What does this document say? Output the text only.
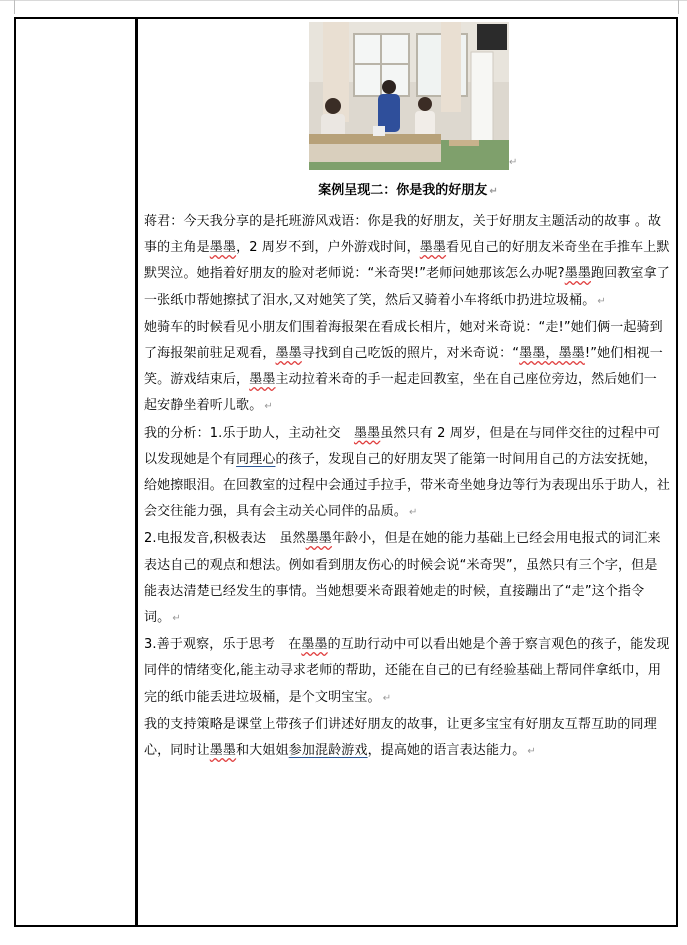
↵
案例呈现二：你是我的好朋友 ↵

蒋君：今天我分享的是托班游风戏语：你是我的好朋友，关于好朋友主题活动的故事 。故事的主角是墨墨，2 周岁不到，户外游戏时间，墨墨看见自己的好朋友米奇坐在手推车上默默哭泣。她指着好朋友的脸对老师说：“米奇哭!”老师问她那该怎么办呢?墨墨跑回教室拿了一张纸巾帮她擦拭了泪水,又对她笑了笑，然后又骑着小车将纸巾扔进垃圾桶。 ↵

她骑车的时候看见小朋友们围着海报架在看成长相片，她对米奇说：“走!”她们俩一起骑到了海报架前驻足观看，墨墨寻找到自己吃饭的照片，对米奇说：“墨墨，墨墨!”她们相视一笑。游戏结束后，墨墨主动拉着米奇的手一起走回教室，坐在自己座位旁边，然后她们一起安静坐着听儿歌。 ↵

我的分析：1.乐于助人，主动社交　墨墨虽然只有 2 周岁，但是在与同伴交往的过程中可以发现她是个有同理心的孩子，发现自己的好朋友哭了能第一时间用自己的方法安抚她，给她擦眼泪。在回教室的过程中会通过手拉手，带米奇坐她身边等行为表现出乐于助人，社会交往能力强，具有会主动关心同伴的品质。 ↵

2.电报发音,积极表达　虽然墨墨年龄小，但是在她的能力基础上已经会用电报式的词汇来表达自己的观点和想法。例如看到朋友伤心的时候会说“米奇哭”，虽然只有三个字，但是能表达清楚已经发生的事情。当她想要米奇跟着她走的时候，直接蹦出了“走”这个指令词。 ↵

3.善于观察，乐于思考　在墨墨的互助行动中可以看出她是个善于察言观色的孩子，能发现同伴的情绪变化,能主动寻求老师的帮助，还能在自己的已有经验基础上帮同伴拿纸巾，用完的纸巾能丢进垃圾桶，是个文明宝宝。 ↵

我的支持策略是课堂上带孩子们讲述好朋友的故事，让更多宝宝有好朋友互帮互助的同理心，同时让墨墨和大姐姐参加混龄游戏，提高她的语言表达能力。 ↵
